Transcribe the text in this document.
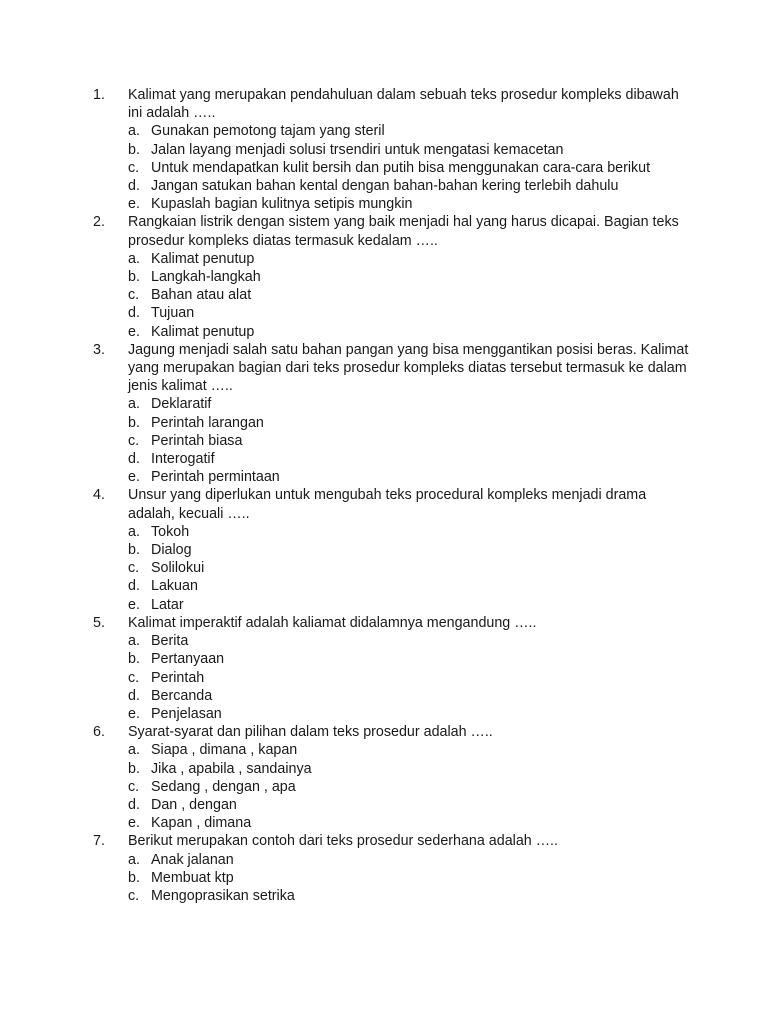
1. Kalimat yang merupakan pendahuluan dalam sebuah teks prosedur kompleks dibawah ini adalah …..
a. Gunakan pemotong tajam yang steril
b. Jalan layang menjadi solusi trsendiri untuk mengatasi kemacetan
c. Untuk mendapatkan kulit bersih dan putih bisa menggunakan cara-cara berikut
d. Jangan satukan bahan kental dengan bahan-bahan kering terlebih dahulu
e. Kupaslah bagian kulitnya setipis mungkin
2. Rangkaian listrik dengan sistem yang baik menjadi hal yang harus dicapai. Bagian teks prosedur kompleks diatas termasuk kedalam …..
a. Kalimat penutup
b. Langkah-langkah
c. Bahan atau alat
d. Tujuan
e. Kalimat penutup
3. Jagung menjadi salah satu bahan pangan yang bisa menggantikan posisi beras. Kalimat yang merupakan bagian dari teks prosedur kompleks diatas tersebut termasuk ke dalam jenis kalimat …..
a. Deklaratif
b. Perintah larangan
c. Perintah biasa
d. Interogatif
e. Perintah permintaan
4. Unsur yang diperlukan untuk mengubah teks procedural kompleks menjadi drama adalah, kecuali …..
a. Tokoh
b. Dialog
c. Solilokui
d. Lakuan
e. Latar
5. Kalimat imperaktif adalah kaliamat didalamnya mengandung …..
a. Berita
b. Pertanyaan
c. Perintah
d. Bercanda
e. Penjelasan
6. Syarat-syarat dan pilihan dalam teks prosedur adalah …..
a. Siapa , dimana , kapan
b. Jika , apabila , sandainya
c. Sedang , dengan , apa
d. Dan , dengan
e. Kapan , dimana
7. Berikut merupakan contoh dari teks prosedur sederhana adalah …..
a. Anak jalanan
b. Membuat ktp
c. Mengoprasikan setrika
